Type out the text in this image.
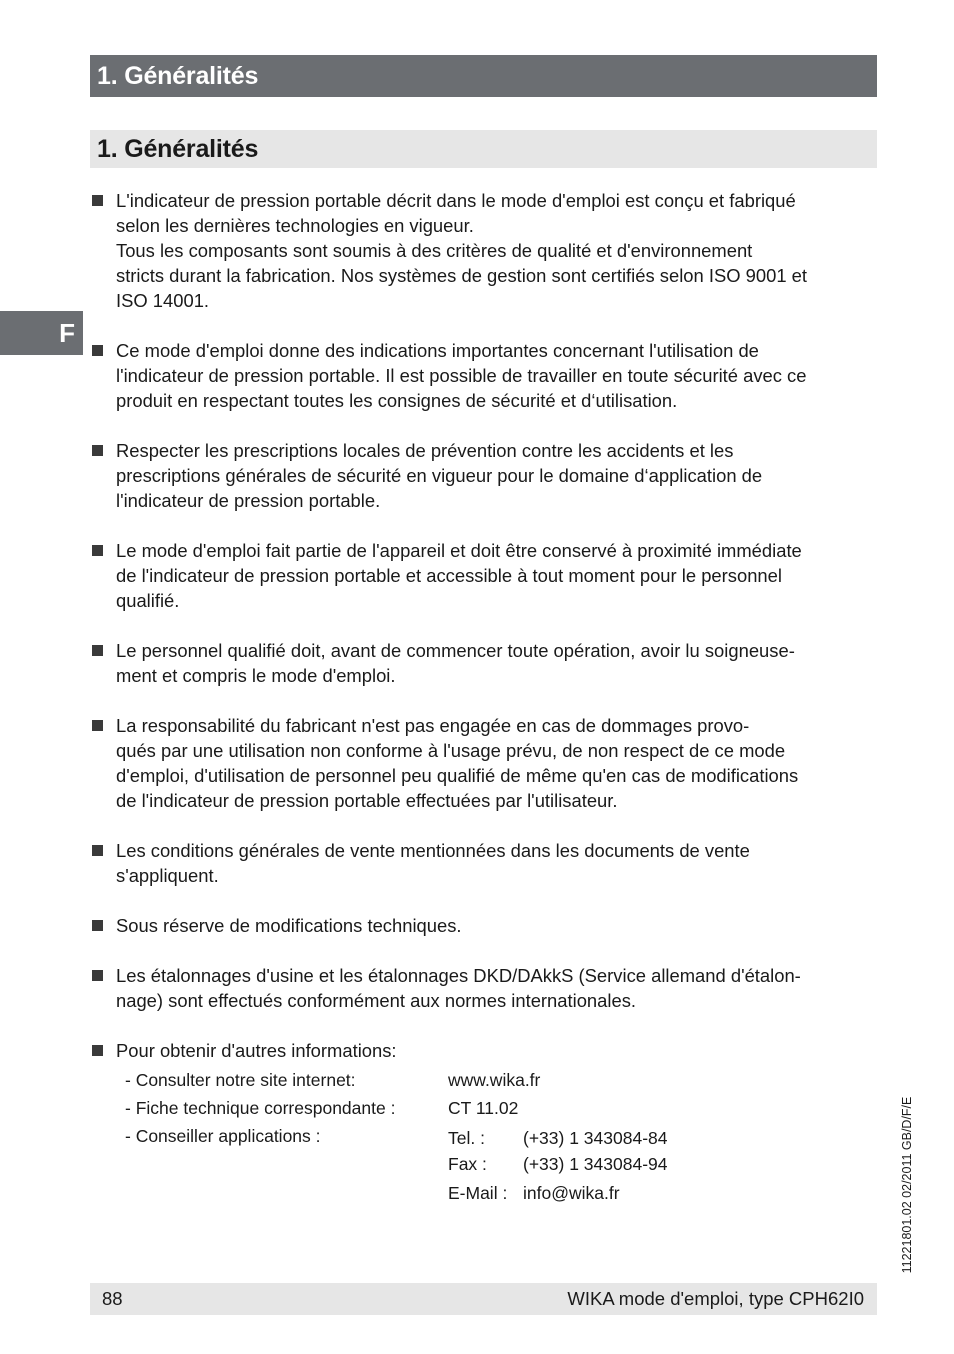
1. Généralités
1. Généralités
F

L'indicateur de pression portable décrit dans le mode d'emploi est conçu et fabriqué

selon les dernières technologies en vigueur.

Tous les composants sont soumis à des critères de qualité et d'environnement

stricts durant la fabrication. Nos systèmes de gestion sont certifiés selon ISO 9001 et

ISO 14001.

Ce mode d'emploi donne des indications importantes concernant l'utilisation de

l'indicateur de pression portable. Il est possible de travailler en toute sécurité avec ce

produit en respectant toutes les consignes de sécurité et d‘utilisation.

Respecter les prescriptions locales de prévention contre les accidents et les

prescriptions générales de sécurité en vigueur pour le domaine d‘application de

l'indicateur de pression portable.

Le mode d'emploi fait partie de l'appareil et doit être conservé à proximité immédiate

de l'indicateur de pression portable et accessible à tout moment pour le personnel

qualifié.

Le personnel qualifié doit, avant de commencer toute opération, avoir lu soigneuse-

ment et compris le mode d'emploi.

La responsabilité du fabricant n'est pas engagée en cas de dommages provo-

qués par une utilisation non conforme à l'usage prévu, de non respect de ce mode

d'emploi, d'utilisation de personnel peu qualifié de même qu'en cas de modifications

de l'indicateur de pression portable effectuées par l'utilisateur.

Les conditions générales de vente mentionnées dans les documents de vente

s'appliquent.

Sous réserve de modifications techniques.

Les étalonnages d'usine et les étalonnages DKD/DAkkS (Service allemand d'étalon-

nage) sont effectués conformément aux normes internationales.

Pour obtenir d'autres informations:

- Consulter notre site internet:	www.wika.fr
- Fiche technique correspondante :	CT 11.02
- Conseiller applications :	Tel. : (+33) 1 343084-84
Fax : (+33) 1 343084-94
E-Mail : info@wika.fr	11221801.02 02/2011 GB/D/F/E
88	WIKA mode d'emploi, type CPH62I0
